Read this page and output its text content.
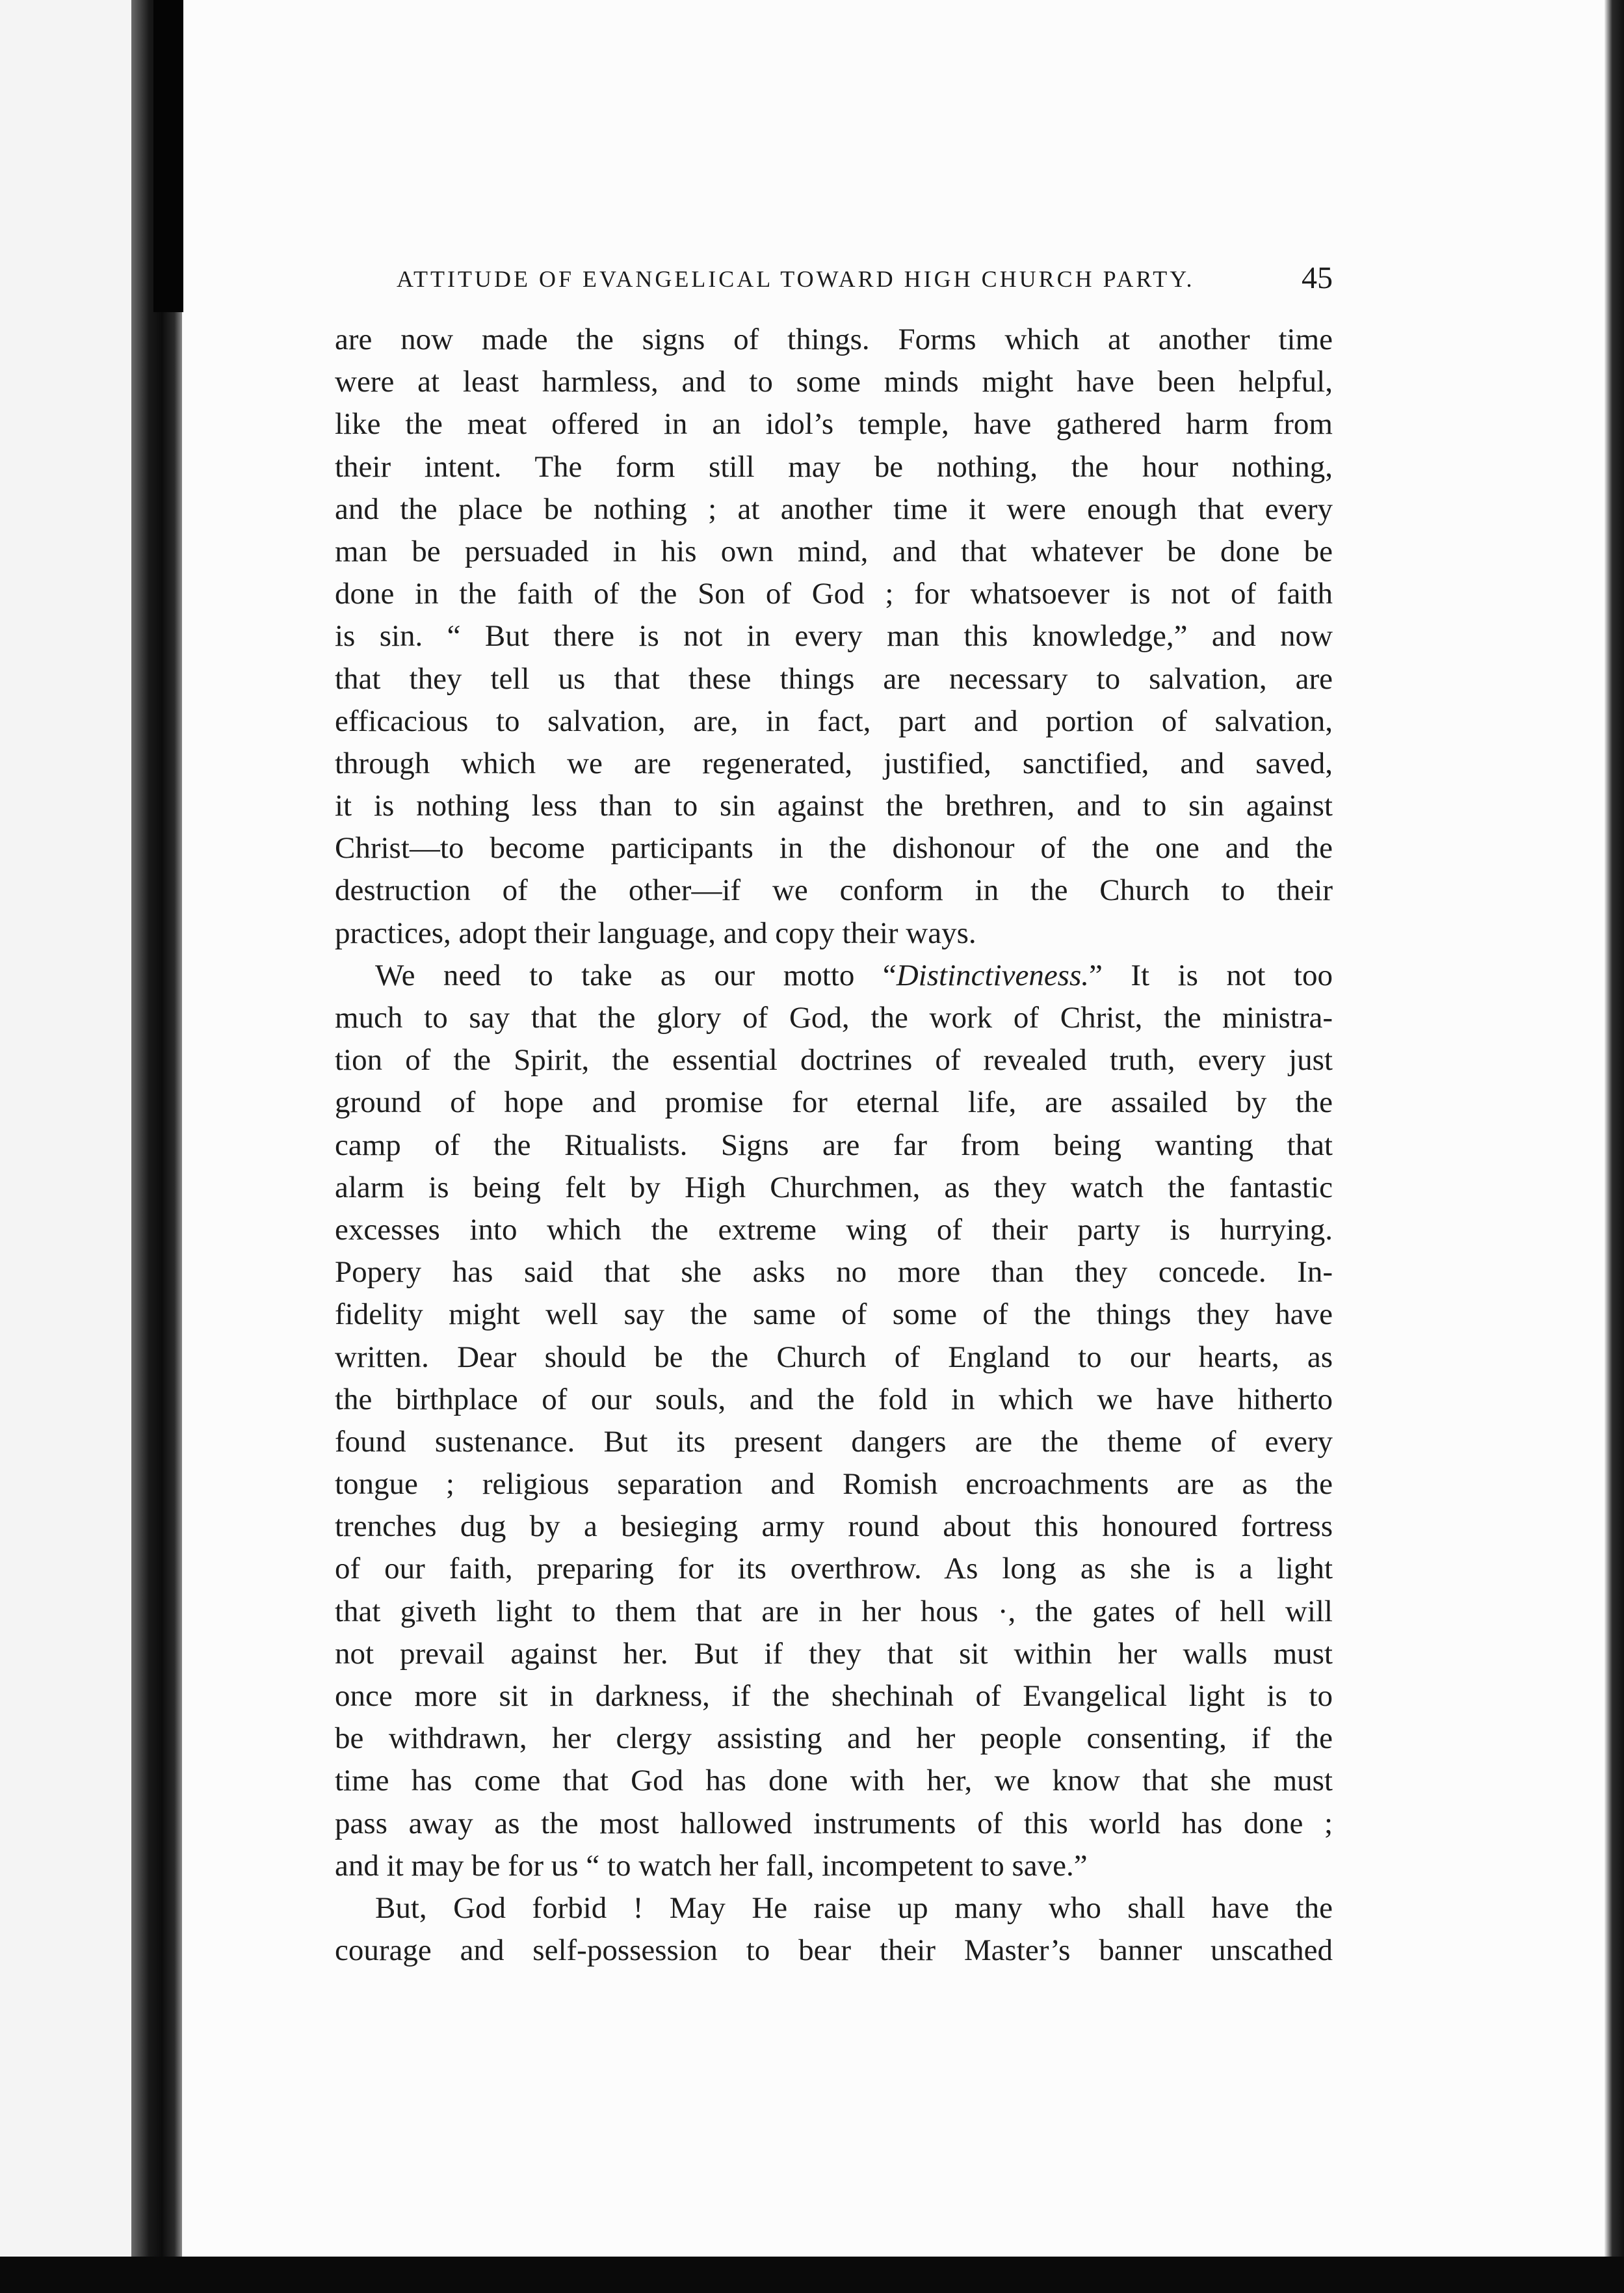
ATTITUDE OF EVANGELICAL TOWARD HIGH CHURCH PARTY.	45
are now made the signs of things. Forms which at another time
were at least harmless, and to some minds might have been helpful,
like the meat offered in an idol’s temple, have gathered harm from
their intent. The form still may be nothing, the hour nothing,
and the place be nothing ; at another time it were enough that every
man be persuaded in his own mind, and that whatever be done be
done in the faith of the Son of God ; for whatsoever is not of faith
is sin. “ But there is not in every man this knowledge,” and now
that they tell us that these things are necessary to salvation, are
efficacious to salvation, are, in fact, part and portion of salvation,
through which we are regenerated, justified, sanctified, and saved,
it is nothing less than to sin against the brethren, and to sin against
Christ—to become participants in the dishonour of the one and the
destruction of the other—if we conform in the Church to their
practices, adopt their language, and copy their ways.
We need to take as our motto “Distinctiveness.” It is not too
much to say that the glory of God, the work of Christ, the ministra-
tion of the Spirit, the essential doctrines of revealed truth, every just
ground of hope and promise for eternal life, are assailed by the
camp of the Ritualists. Signs are far from being wanting that
alarm is being felt by High Churchmen, as they watch the fantastic
excesses into which the extreme wing of their party is hurrying.
Popery has said that she asks no more than they concede. In-
fidelity might well say the same of some of the things they have
written. Dear should be the Church of England to our hearts, as
the birthplace of our souls, and the fold in which we have hitherto
found sustenance. But its present dangers are the theme of every
tongue ; religious separation and Romish encroachments are as the
trenches dug by a besieging army round about this honoured fortress
of our faith, preparing for its overthrow. As long as she is a light
that giveth light to them that are in her hous ·, the gates of hell will
not prevail against her. But if they that sit within her walls must
once more sit in darkness, if the shechinah of Evangelical light is to
be withdrawn, her clergy assisting and her people consenting, if the
time has come that God has done with her, we know that she must
pass away as the most hallowed instruments of this world has done ;
and it may be for us “ to watch her fall, incompetent to save.”
But, God forbid ! May He raise up many who shall have the
courage and self-possession to bear their Master’s banner unscathed
